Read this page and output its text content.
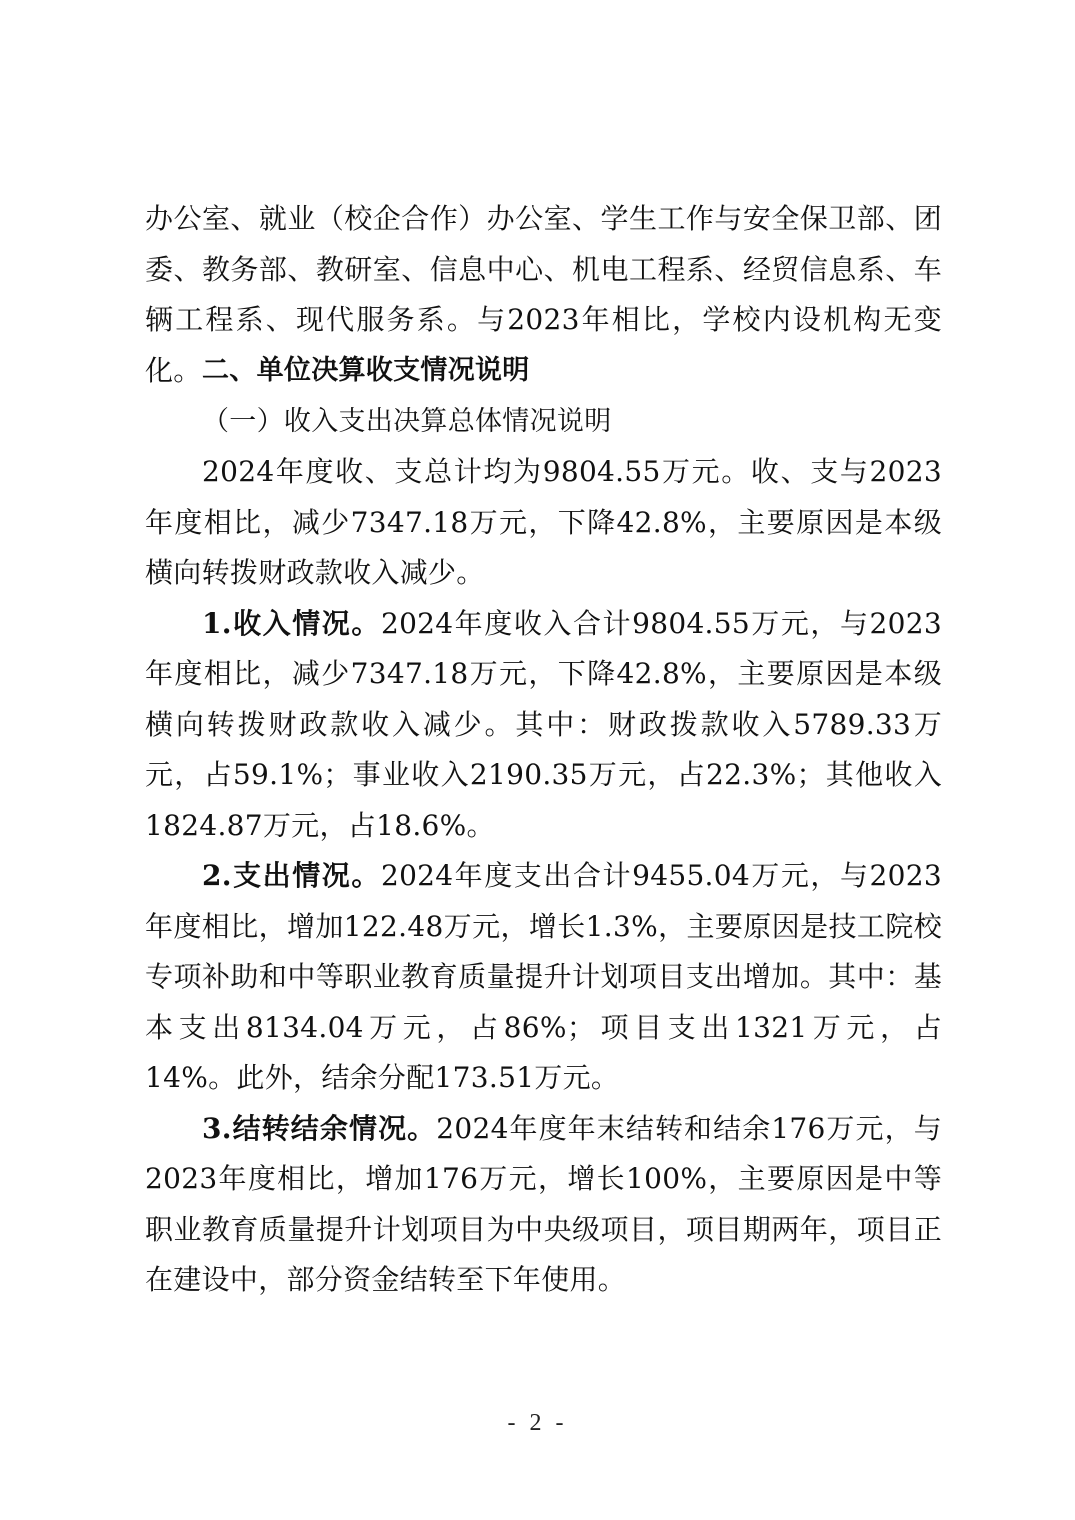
办公室、就业（校企合作）办公室、学生工作与安全保卫部、团委、教务部、教研室、信息中心、机电工程系、经贸信息系、车辆工程系、现代服务系。与2023年相比，学校内设机构无变化。 二、单位决算收支情况说明

（一）收入支出决算总体情况说明

2024年度收、支总计均为9804.55万元。收、支与2023年度相比，减少7347.18万元，下降42.8%，主要原因是本级横向转拨财政款收入减少。

1.收入情况。2024年度收入合计9804.55万元，与2023年度相比，减少7347.18万元，下降42.8%，主要原因是本级横向转拨财政款收入减少。其中：财政拨款收入5789.33万元，占59.1%；事业收入2190.35万元，占22.3%；其他收入1824.87万元，占18.6%。

2.支出情况。2024年度支出合计9455.04万元，与2023年度相比，增加122.48万元，增长1.3%，主要原因是技工院校专项补助和中等职业教育质量提升计划项目支出增加。其中：基本支出8134.04万元，占86%；项目支出1321万元，占14%。此外，结余分配173.51万元。

3.结转结余情况。2024年度年末结转和结余176万元，与2023年度相比，增加176万元，增长100%，主要原因是中等职业教育质量提升计划项目为中央级项目，项目期两年，项目正在建设中，部分资金结转至下年使用。

- 2 -
